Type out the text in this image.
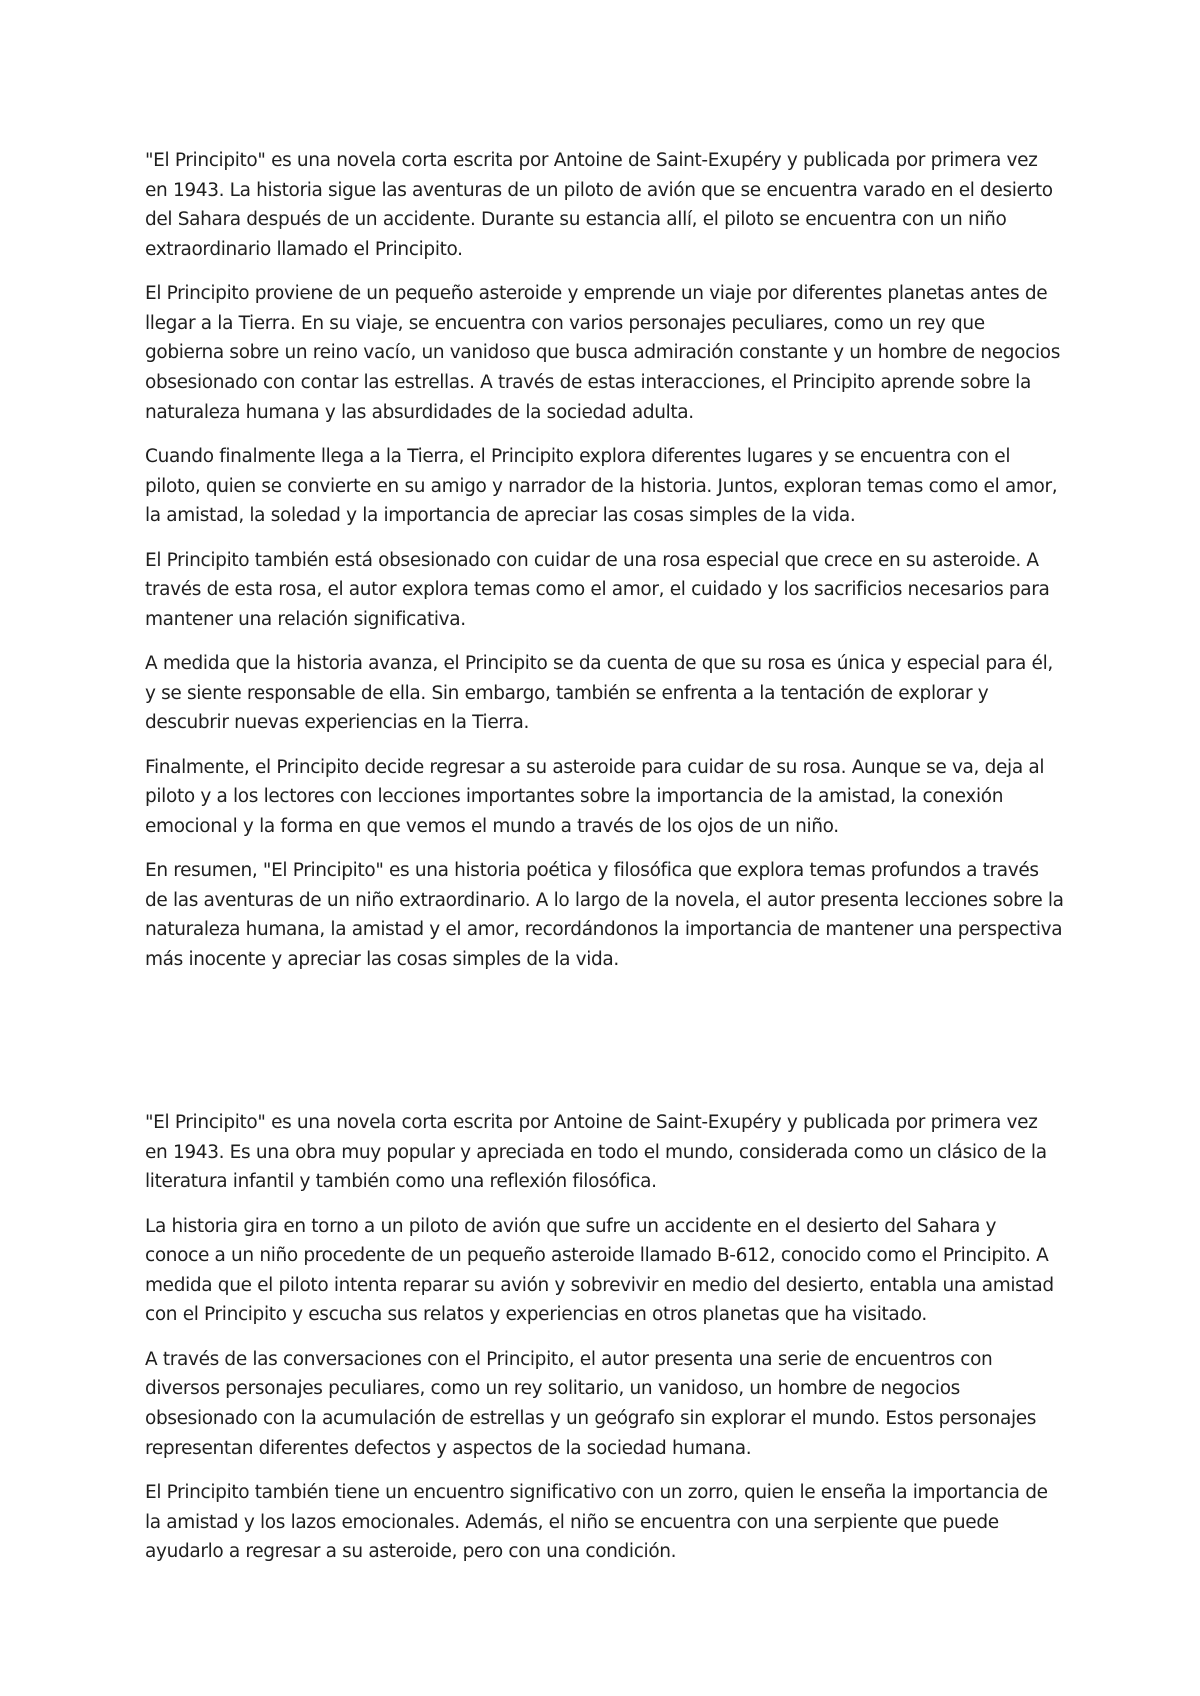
"El Principito" es una novela corta escrita por Antoine de Saint-Exupéry y publicada por primera vez en 1943. La historia sigue las aventuras de un piloto de avión que se encuentra varado en el desierto del Sahara después de un accidente. Durante su estancia allí, el piloto se encuentra con un niño extraordinario llamado el Principito.

El Principito proviene de un pequeño asteroide y emprende un viaje por diferentes planetas antes de llegar a la Tierra. En su viaje, se encuentra con varios personajes peculiares, como un rey que gobierna sobre un reino vacío, un vanidoso que busca admiración constante y un hombre de negocios obsesionado con contar las estrellas. A través de estas interacciones, el Principito aprende sobre la naturaleza humana y las absurdidades de la sociedad adulta.

Cuando finalmente llega a la Tierra, el Principito explora diferentes lugares y se encuentra con el piloto, quien se convierte en su amigo y narrador de la historia. Juntos, exploran temas como el amor, la amistad, la soledad y la importancia de apreciar las cosas simples de la vida.

El Principito también está obsesionado con cuidar de una rosa especial que crece en su asteroide. A través de esta rosa, el autor explora temas como el amor, el cuidado y los sacrificios necesarios para mantener una relación significativa.

A medida que la historia avanza, el Principito se da cuenta de que su rosa es única y especial para él, y se siente responsable de ella. Sin embargo, también se enfrenta a la tentación de explorar y descubrir nuevas experiencias en la Tierra.

Finalmente, el Principito decide regresar a su asteroide para cuidar de su rosa. Aunque se va, deja al piloto y a los lectores con lecciones importantes sobre la importancia de la amistad, la conexión emocional y la forma en que vemos el mundo a través de los ojos de un niño.

En resumen, "El Principito" es una historia poética y filosófica que explora temas profundos a través de las aventuras de un niño extraordinario. A lo largo de la novela, el autor presenta lecciones sobre la naturaleza humana, la amistad y el amor, recordándonos la importancia de mantener una perspectiva más inocente y apreciar las cosas simples de la vida.

"El Principito" es una novela corta escrita por Antoine de Saint-Exupéry y publicada por primera vez en 1943. Es una obra muy popular y apreciada en todo el mundo, considerada como un clásico de la literatura infantil y también como una reflexión filosófica.

La historia gira en torno a un piloto de avión que sufre un accidente en el desierto del Sahara y conoce a un niño procedente de un pequeño asteroide llamado B-612, conocido como el Principito. A medida que el piloto intenta reparar su avión y sobrevivir en medio del desierto, entabla una amistad con el Principito y escucha sus relatos y experiencias en otros planetas que ha visitado.

A través de las conversaciones con el Principito, el autor presenta una serie de encuentros con diversos personajes peculiares, como un rey solitario, un vanidoso, un hombre de negocios obsesionado con la acumulación de estrellas y un geógrafo sin explorar el mundo. Estos personajes representan diferentes defectos y aspectos de la sociedad humana.

El Principito también tiene un encuentro significativo con un zorro, quien le enseña la importancia de la amistad y los lazos emocionales. Además, el niño se encuentra con una serpiente que puede ayudarlo a regresar a su asteroide, pero con una condición.
